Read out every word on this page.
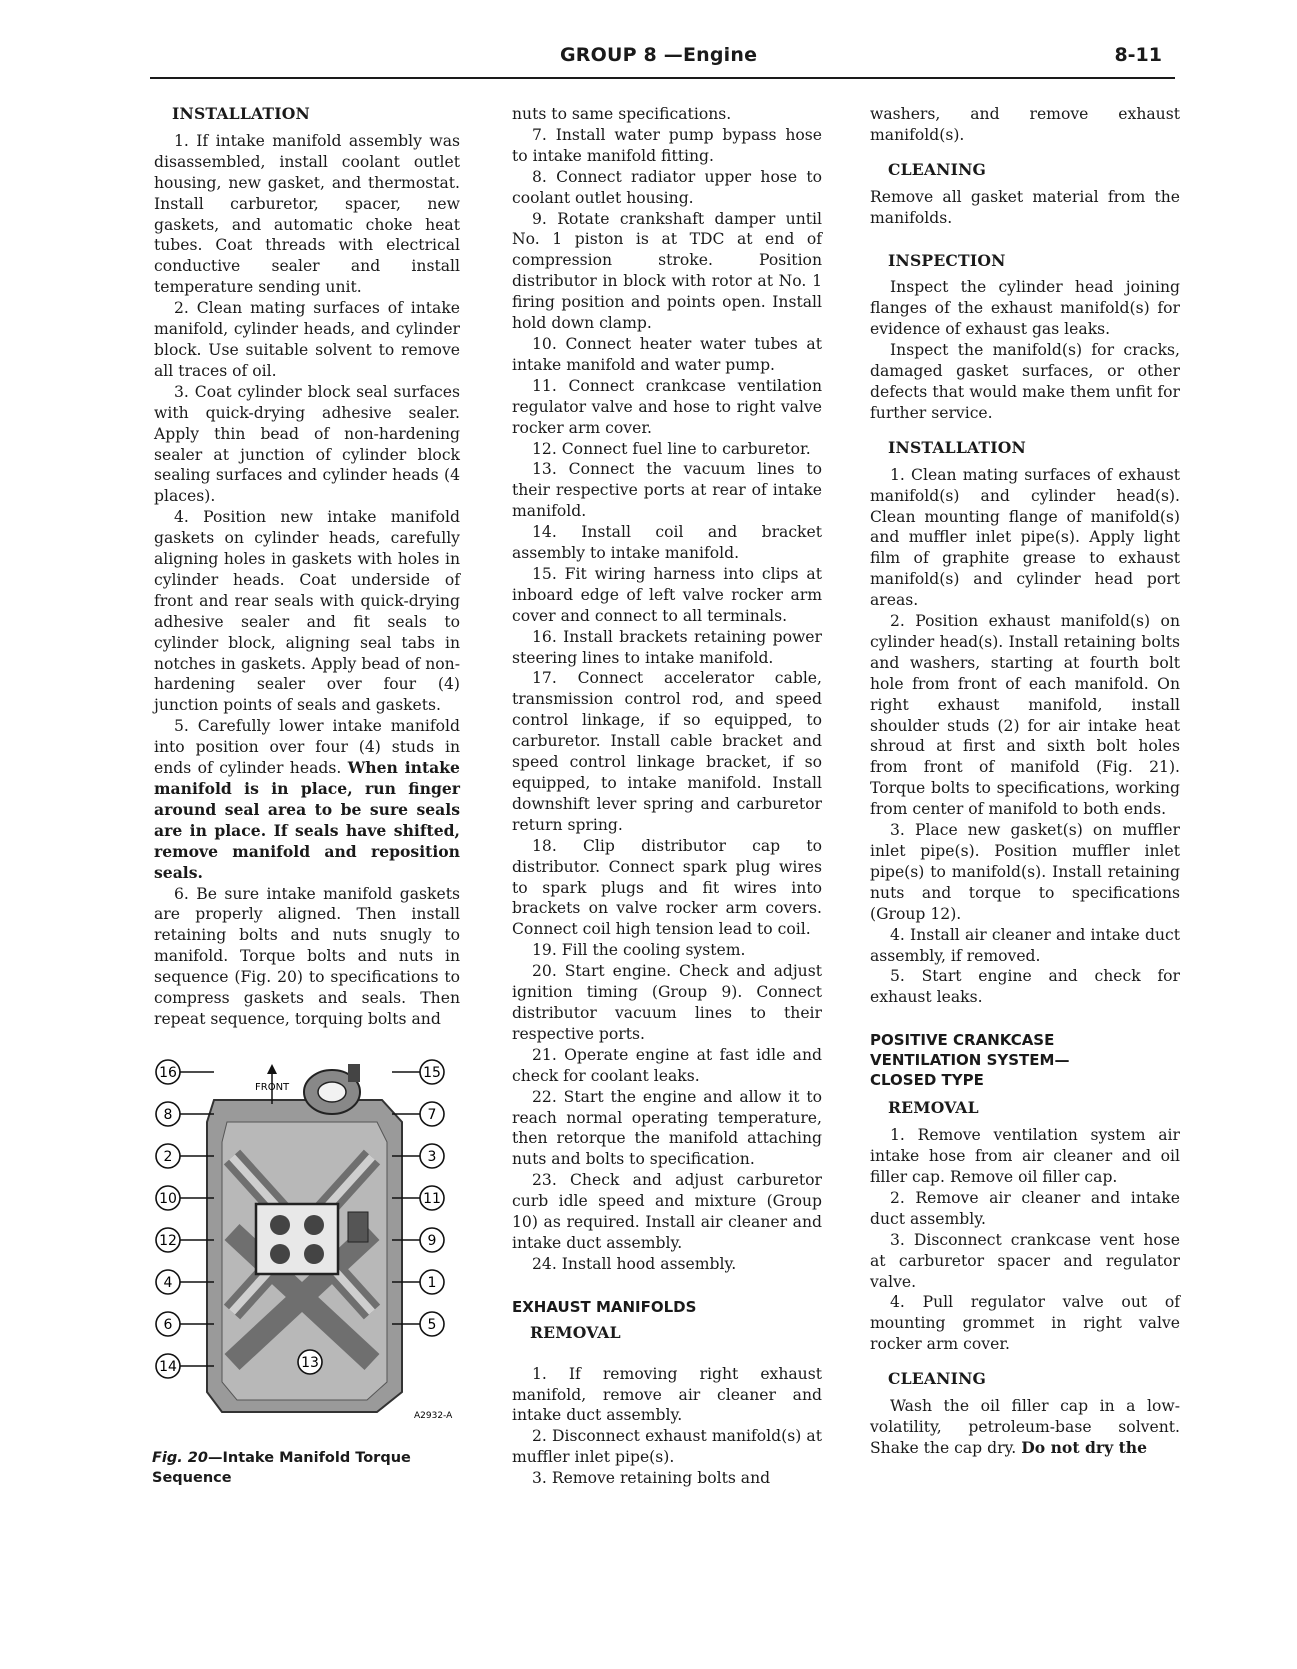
GROUP 8 —Engine	8-11
INSTALLATION

1. If intake manifold assembly was disassembled, install coolant outlet housing, new gasket, and thermostat. Install carburetor, spacer, new gaskets, and automatic choke heat tubes. Coat threads with electrical conductive sealer and install temperature sending unit.

2. Clean mating surfaces of intake manifold, cylinder heads, and cylinder block. Use suitable solvent to remove all traces of oil.

3. Coat cylinder block seal surfaces with quick-drying adhesive sealer. Apply thin bead of non-hardening sealer at junction of cylinder block sealing surfaces and cylinder heads (4 places).

4. Position new intake manifold gaskets on cylinder heads, carefully aligning holes in gaskets with holes in cylinder heads. Coat underside of front and rear seals with quick-drying adhesive sealer and fit seals to cylinder block, aligning seal tabs in notches in gaskets. Apply bead of non-hardening sealer over four (4) junction points of seals and gaskets.

5. Carefully lower intake manifold into position over four (4) studs in ends of cylinder heads. When intake manifold is in place, run finger around seal area to be sure seals are in place. If seals have shifted, remove manifold and reposition seals.

6. Be sure intake manifold gaskets are properly aligned. Then install retaining bolts and nuts snugly to manifold. Torque bolts and nuts in sequence (Fig. 20) to specifications to compress gaskets and seals. Then repeat sequence, torquing bolts and

FRONT
16
8
2
10
12
4
6
14
15
7
3
11
9
1
5
13
A2932-A
Fig. 20—Intake Manifold Torque Sequence

nuts to same specifications.

7. Install water pump bypass hose to intake manifold fitting.

8. Connect radiator upper hose to coolant outlet housing.

9. Rotate crankshaft damper until No. 1 piston is at TDC at end of compression stroke. Position distributor in block with rotor at No. 1 firing position and points open. Install hold down clamp.

10. Connect heater water tubes at intake manifold and water pump.

11. Connect crankcase ventilation regulator valve and hose to right valve rocker arm cover.

12. Connect fuel line to carburetor.

13. Connect the vacuum lines to their respective ports at rear of intake manifold.

14. Install coil and bracket assembly to intake manifold.

15. Fit wiring harness into clips at inboard edge of left valve rocker arm cover and connect to all terminals.

16. Install brackets retaining power steering lines to intake manifold.

17. Connect accelerator cable, transmission control rod, and speed control linkage, if so equipped, to carburetor. Install cable bracket and speed control linkage bracket, if so equipped, to intake manifold. Install downshift lever spring and carburetor return spring.

18. Clip distributor cap to distributor. Connect spark plug wires to spark plugs and fit wires into brackets on valve rocker arm covers. Connect coil high tension lead to coil.

19. Fill the cooling system.

20. Start engine. Check and adjust ignition timing (Group 9). Connect distributor vacuum lines to their respective ports.

21. Operate engine at fast idle and check for coolant leaks.

22. Start the engine and allow it to reach normal operating temperature, then retorque the manifold attaching nuts and bolts to specification.

23. Check and adjust carburetor curb idle speed and mixture (Group 10) as required. Install air cleaner and intake duct assembly.

24. Install hood assembly.

EXHAUST MANIFOLDS
REMOVAL

1. If removing right exhaust manifold, remove air cleaner and intake duct assembly.

2. Disconnect exhaust manifold(s) at muffler inlet pipe(s).

3. Remove retaining bolts and

washers, and remove exhaust manifold(s).

CLEANING

Remove all gasket material from the manifolds.

INSPECTION

Inspect the cylinder head joining flanges of the exhaust manifold(s) for evidence of exhaust gas leaks.

Inspect the manifold(s) for cracks, damaged gasket surfaces, or other defects that would make them unfit for further service.

INSTALLATION

1. Clean mating surfaces of exhaust manifold(s) and cylinder head(s). Clean mounting flange of manifold(s) and muffler inlet pipe(s). Apply light film of graphite grease to exhaust manifold(s) and cylinder head port areas.

2. Position exhaust manifold(s) on cylinder head(s). Install retaining bolts and washers, starting at fourth bolt hole from front of each manifold. On right exhaust manifold, install shoulder studs (2) for air intake heat shroud at first and sixth bolt holes from front of manifold (Fig. 21). Torque bolts to specifications, working from center of manifold to both ends.

3. Place new gasket(s) on muffler inlet pipe(s). Position muffler inlet pipe(s) to manifold(s). Install retaining nuts and torque to specifications (Group 12).

4. Install air cleaner and intake duct assembly, if removed.

5. Start engine and check for exhaust leaks.

POSITIVE CRANKCASE
VENTILATION SYSTEM—
CLOSED TYPE
REMOVAL

1. Remove ventilation system air intake hose from air cleaner and oil filler cap. Remove oil filler cap.

2. Remove air cleaner and intake duct assembly.

3. Disconnect crankcase vent hose at carburetor spacer and regulator valve.

4. Pull regulator valve out of mounting grommet in right valve rocker arm cover.

CLEANING

Wash the oil filler cap in a low-volatility, petroleum-base solvent. Shake the cap dry. Do not dry the
